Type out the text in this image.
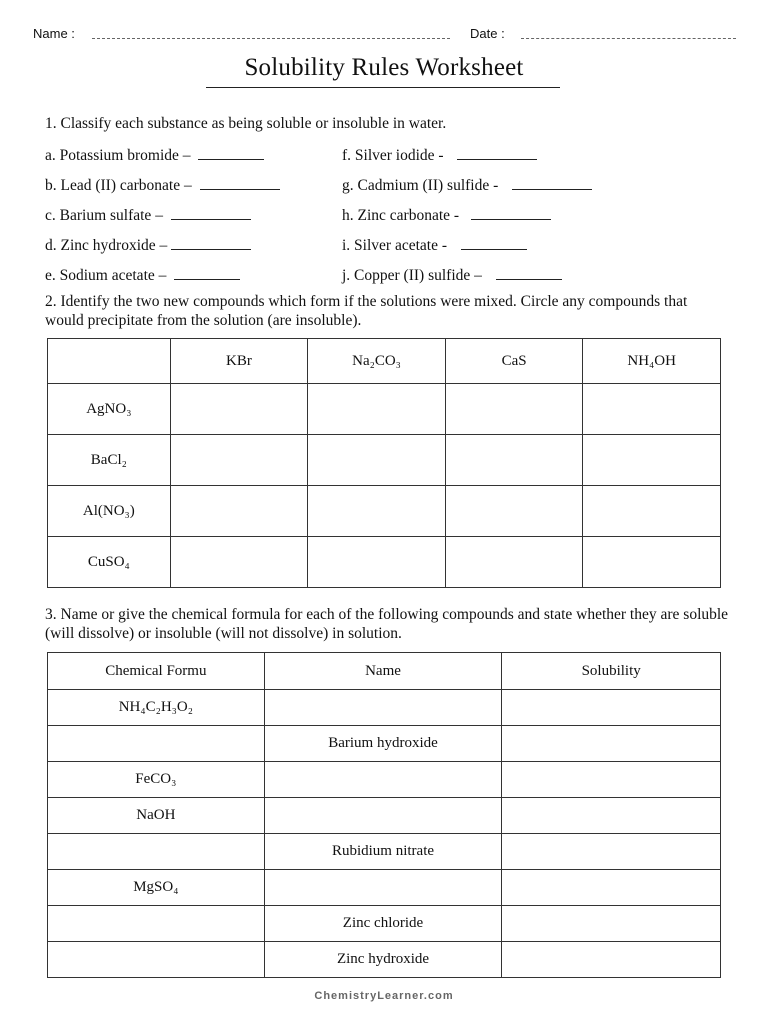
Name :	Date :
Solubility Rules Worksheet
1. Classify each substance as being soluble or insoluble in water.
a. Potassium bromide –
b. Lead (II) carbonate –
c. Barium sulfate –
d. Zinc hydroxide –
e. Sodium acetate –
f. Silver iodide -
g. Cadmium (II) sulfide -
h. Zinc carbonate -
i. Silver acetate -
j. Copper (II) sulfide –
2. Identify the two new compounds which form if the solutions were mixed. Circle any compounds that would precipitate from the solution (are insoluble).
	KBr	Na₂CO₃	CaS	NH₄OH
AgNO₃				
BaCl₂				
Al(NO₃)				
CuSO₄				
3. Name or give the chemical formula for each of the following compounds and state whether they are soluble (will dissolve) or insoluble (will not dissolve) in solution.
Chemical Formu	Name	Solubility
NH₄C₂H₃O₂		
	Barium hydroxide	
FeCO₃		
NaOH		
	Rubidium nitrate	
MgSO₄		
	Zinc chloride	
	Zinc hydroxide	
ChemistryLearner.com
